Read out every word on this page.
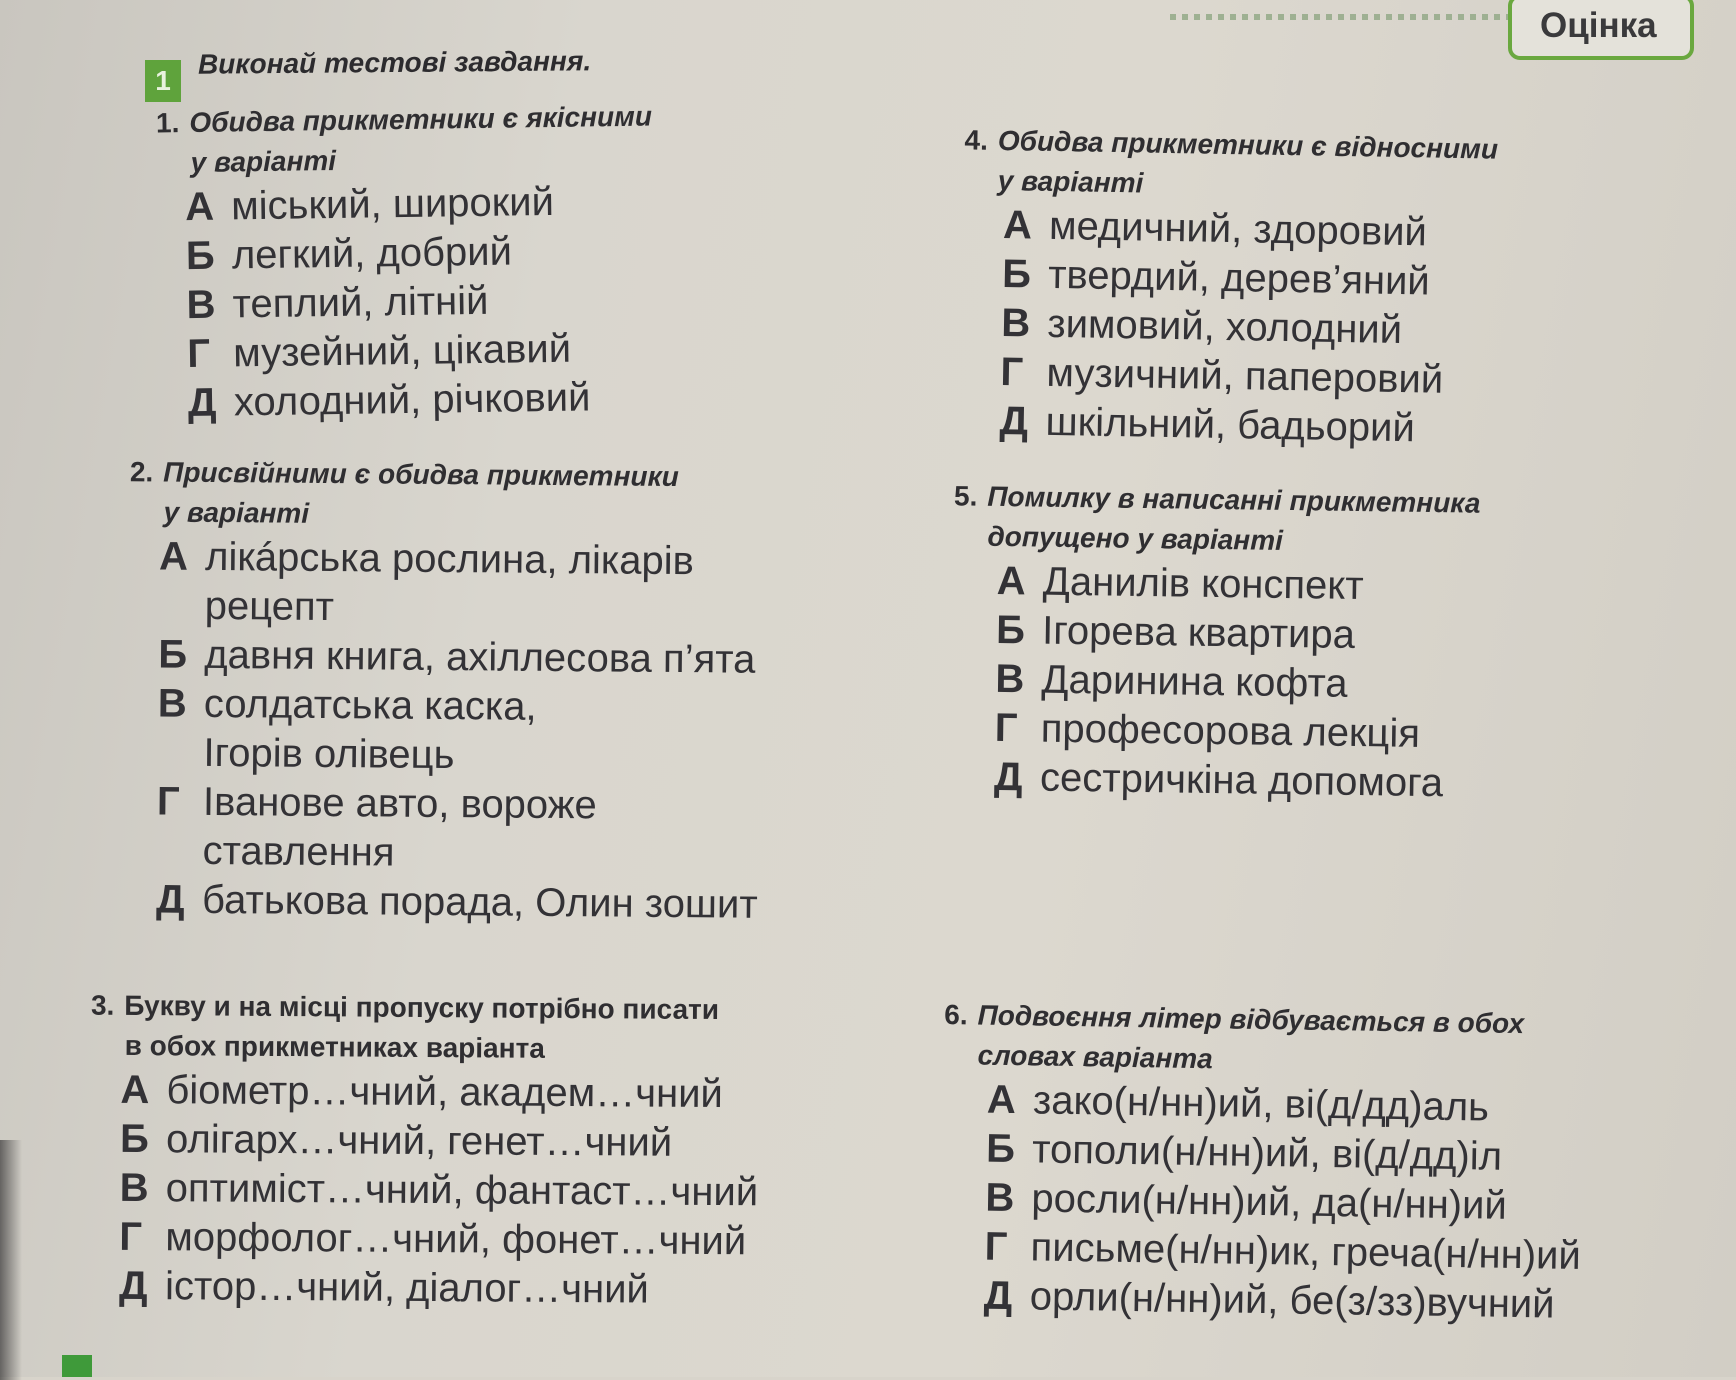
Оцінка
1
Виконай тестові завдання.

1. Обидва прикметники є якісними
у варіанті

А міський, широкий
Б легкий, добрий
В теплий, літній
Г музейний, цікавий
Д холодний, річковий

2. Присвійними є обидва прикметники
у варіанті

А лікáрська рослина, лікарів
рецепт
Б давня книга, ахіллесова п’ята
В солдатська каска,
Ігорів олівець
Г Іванове авто, вороже
ставлення
Д батькова порада, Олин зошит

3. Букву и на місці пропуску потрібно писати
в обох прикметниках варіанта

А біометр…чний, академ…чний
Б олігарх…чний, генет…чний
В оптиміст…чний, фантаст…чний
Г морфолог…чний, фонет…чний
Д істор…чний, діалог…чний

4. Обидва прикметники є відносними
у варіанті

А медичний, здоровий
Б твердий, дерев’яний
В зимовий, холодний
Г музичний, паперовий
Д шкільний, бадьорий

5. Помилку в написанні прикметника
допущено у варіанті

А Данилів конспект
Б Ігорева квартира
В Даринина кофта
Г професорова лекція
Д сестричкіна допомога

6. Подвоєння літер відбувається в обох
словах варіанта

А зако(н/нн)ий, ві(д/дд)аль
Б тополи(н/нн)ий, ві(д/дд)іл
В росли(н/нн)ий, да(н/нн)ий
Г письме(н/нн)ик, греча(н/нн)ий
Д орли(н/нн)ий, бе(з/зз)вучний
